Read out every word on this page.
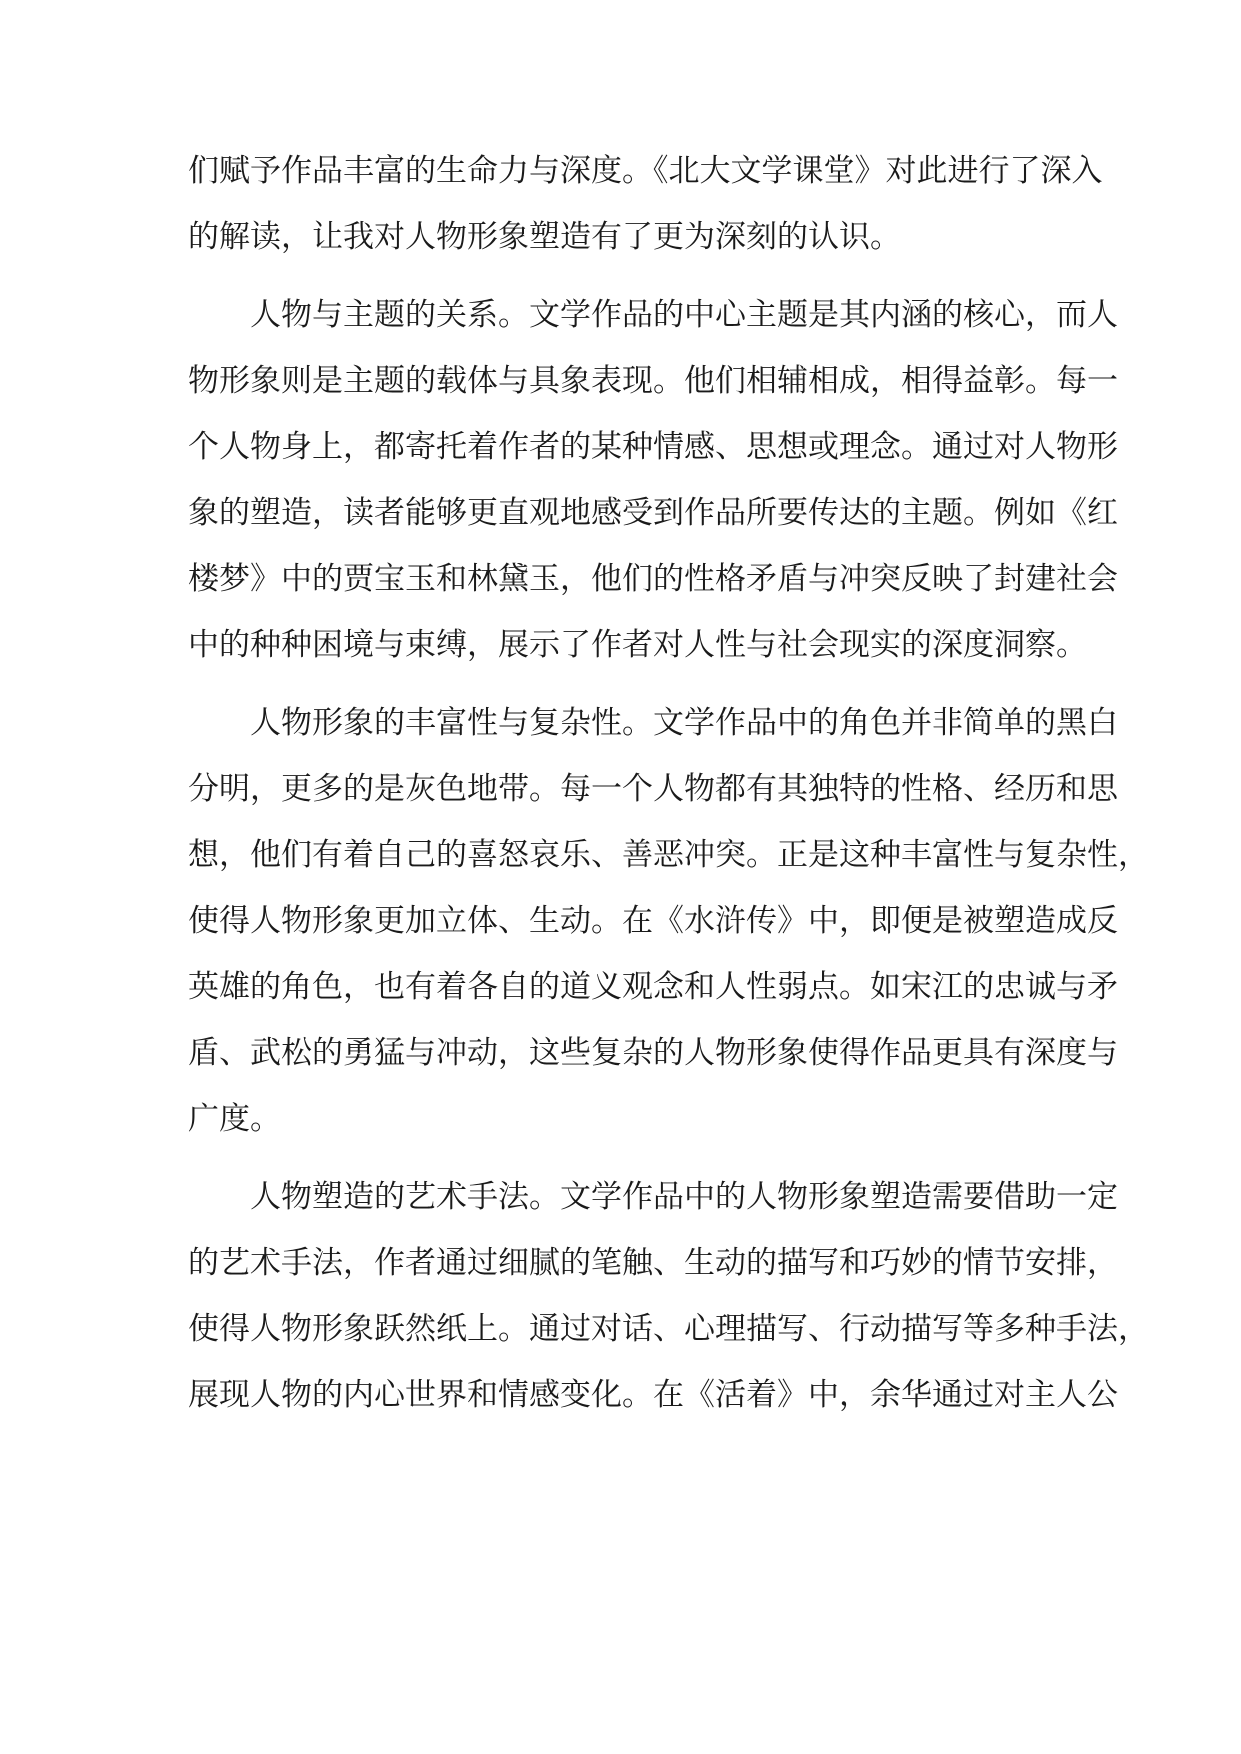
们赋予作品丰富的生命力与深度。《北大文学课堂》对此进行了深入
的解读，让我对人物形象塑造有了更为深刻的认识。
人物与主题的关系。文学作品的中心主题是其内涵的核心，而人
物形象则是主题的载体与具象表现。他们相辅相成，相得益彰。每一
个人物身上，都寄托着作者的某种情感、思想或理念。通过对人物形
象的塑造，读者能够更直观地感受到作品所要传达的主题。例如《红
楼梦》中的贾宝玉和林黛玉，他们的性格矛盾与冲突反映了封建社会
中的种种困境与束缚，展示了作者对人性与社会现实的深度洞察。
人物形象的丰富性与复杂性。文学作品中的角色并非简单的黑白
分明，更多的是灰色地带。每一个人物都有其独特的性格、经历和思
想，他们有着自己的喜怒哀乐、善恶冲突。正是这种丰富性与复杂性，
使得人物形象更加立体、生动。在《水浒传》中，即便是被塑造成反
英雄的角色，也有着各自的道义观念和人性弱点。如宋江的忠诚与矛
盾、武松的勇猛与冲动，这些复杂的人物形象使得作品更具有深度与
广度。
人物塑造的艺术手法。文学作品中的人物形象塑造需要借助一定
的艺术手法，作者通过细腻的笔触、生动的描写和巧妙的情节安排，
使得人物形象跃然纸上。通过对话、心理描写、行动描写等多种手法，
展现人物的内心世界和情感变化。在《活着》中，余华通过对主人公
